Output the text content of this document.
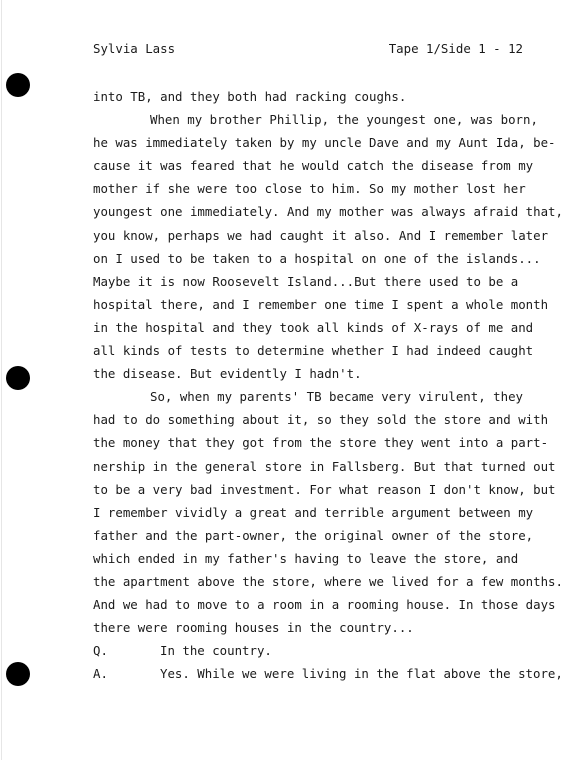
Sylvia Lass

	Tape 1/Side 1 - 12

into TB, and they both had racking coughs.
When my brother Phillip, the youngest one, was born,
he was immediately taken by my uncle Dave and my Aunt Ida, be-
cause it was feared that he would catch the disease from my
mother if she were too close to him. So my mother lost her
youngest one immediately. And my mother was always afraid that,
you know, perhaps we had caught it also. And I remember later
on I used to be taken to a hospital on one of the islands...
Maybe it is now Roosevelt Island...But there used to be a
hospital there, and I remember one time I spent a whole month
in the hospital and they took all kinds of X-rays of me and
all kinds of tests to determine whether I had indeed caught
the disease. But evidently I hadn't.
So, when my parents' TB became very virulent, they
had to do something about it, so they sold the store and with
the money that they got from the store they went into a part-
nership in the general store in Fallsberg. But that turned out
to be a very bad investment. For what reason I don't know, but
I remember vividly a great and terrible argument between my
father and the part-owner, the original owner of the store,
which ended in my father's having to leave the store, and
the apartment above the store, where we lived for a few months.
And we had to move to a room in a rooming house. In those days
there were rooming houses in the country...

Q.

	In the country.

A.

	Yes. While we were living in the flat above the store,
